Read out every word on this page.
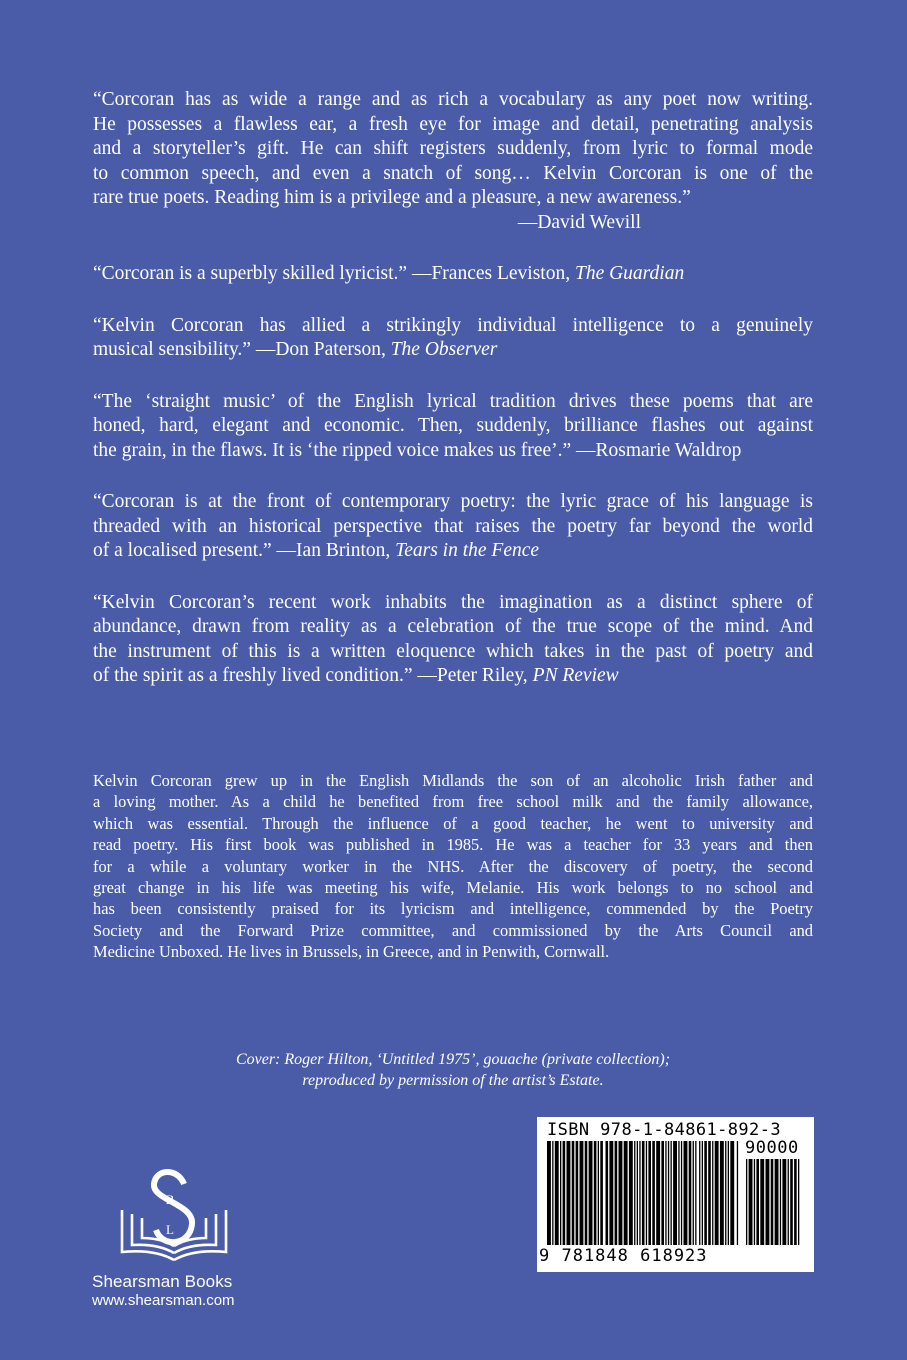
“Corcoran has as wide a range and as rich a vocabulary as any poet now writing.
He possesses a flawless ear, a fresh eye for image and detail, penetrating analysis
and a storyteller’s gift. He can shift registers suddenly, from lyric to formal mode
to common speech, and even a snatch of song… Kelvin Corcoran is one of the
rare true poets. Reading him is a privilege and a pleasure, a new awareness.”
—David Wevill

“Corcoran is a superbly skilled lyricist.” —Frances Leviston, The Guardian

“Kelvin Corcoran has allied a strikingly individual intelligence to a genuinely
musical sensibility.” —Don Paterson, The Observer

“The ‘straight music’ of the English lyrical tradition drives these poems that are
honed, hard, elegant and economic. Then, suddenly, brilliance flashes out against
the grain, in the flaws. It is ‘the ripped voice makes us free’.” —Rosmarie Waldrop

“Corcoran is at the front of contemporary poetry: the lyric grace of his language is
threaded with an historical perspective that raises the poetry far beyond the world
of a localised present.” —Ian Brinton, Tears in the Fence

“Kelvin Corcoran’s recent work inhabits the imagination as a distinct sphere of
abundance, drawn from reality as a celebration of the true scope of the mind. And
the instrument of this is a written eloquence which takes in the past of poetry and
of the spirit as a freshly lived condition.” —Peter Riley, PN Review

Kelvin Corcoran grew up in the English Midlands the son of an alcoholic Irish father and
a loving mother. As a child he benefited from free school milk and the family allowance,
which was essential. Through the influence of a good teacher, he went to university and
read poetry. His first book was published in 1985. He was a teacher for 33 years and then
for a while a voluntary worker in the NHS. After the discovery of poetry, the second
great change in his life was meeting his wife, Melanie. His work belongs to no school and
has been consistently praised for its lyricism and intelligence, commended by the Poetry
Society and the Forward Prize committee, and commissioned by the Arts Council and
Medicine Unboxed. He lives in Brussels, in Greece, and in Penwith, Cornwall.
Cover: Roger Hilton, ‘Untitled 1975’, gouache (private collection);
reproduced by permission of the artist’s Estate.
B
L
Shearsman Books
www.shearsman.com
ISBN 978-1-84861-892-3
90000
9 781848 618923
